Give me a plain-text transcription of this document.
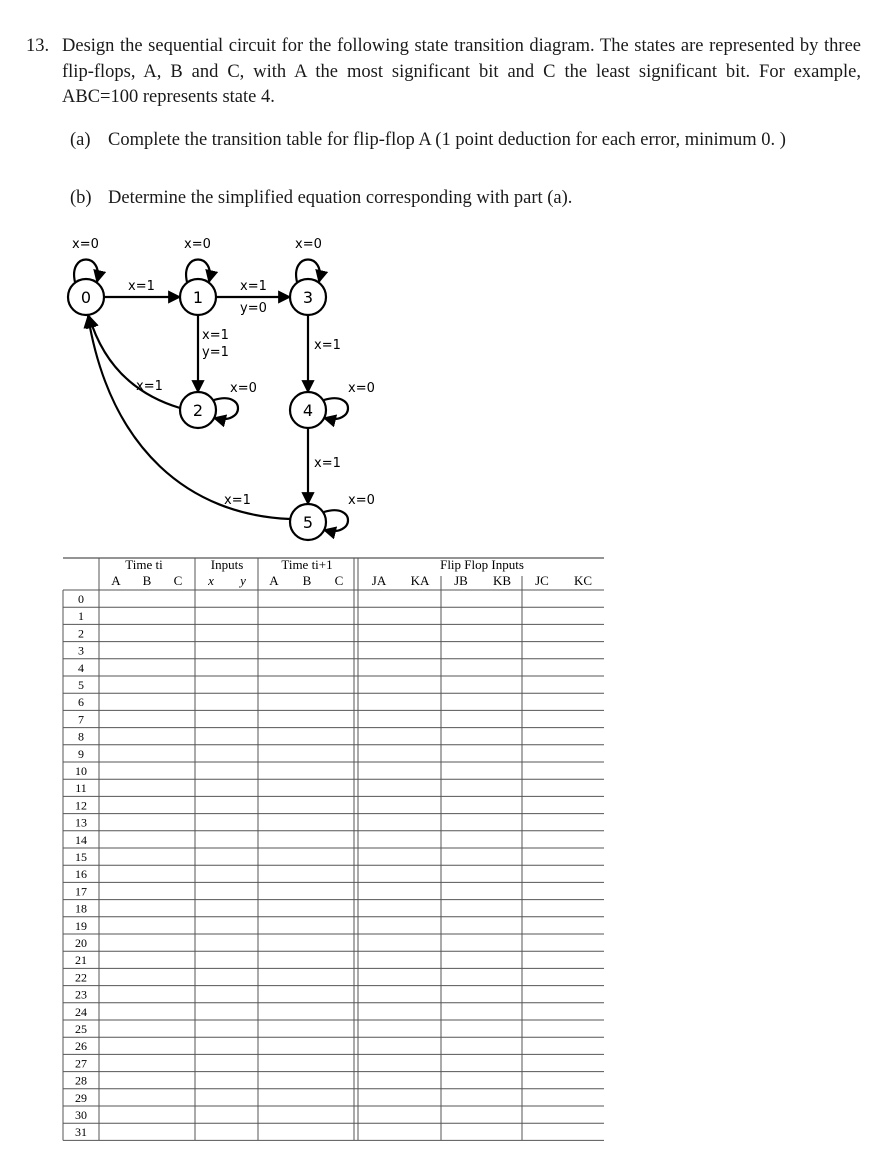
13. Design the sequential circuit for the following state transition diagram. The states are represented by three flip-flops, A, B and C, with A the most significant bit and C the least significant bit. For example, ABC=100 represents state 4.
(a) Complete the transition table for flip-flop A (1 point deduction for each error, minimum 0. )
(b) Determine the simplified equation corresponding with part (a).
0	1	3
2	4
5
x=0	x=0	x=0
x=0	x=0
x=0
x=1	x=1
y=0
x=1
y=1	x=1
x=1
x=1
x=1
Time ti	Inputs	Time ti+1	Flip Flop Inputs
A B C x y A B C JA KA JB KB JC KC
0
1
2
3
4
5
6
7
8
9
10
11
12
13
14
15
16
17
18
19
20
21
22
23
24
25
26
27
28
29
30
31
